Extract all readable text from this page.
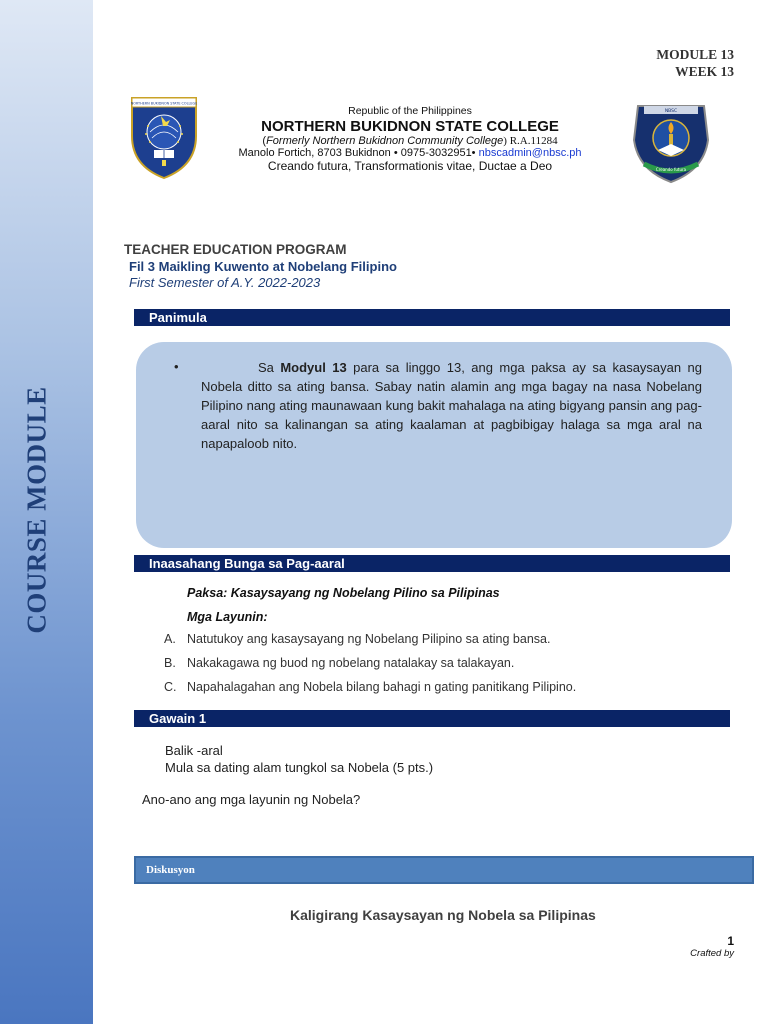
COURSE MODULE
MODULE 13
WEEK 13
NORTHERN BUKIDNON STATE COLLEGE
Republic of the Philippines
NORTHERN BUKIDNON STATE COLLEGE
(Formerly Northern Bukidnon Community College) R.A.11284
Manolo Fortich, 8703 Bukidnon • 0975-3032951• nbscadmin@nbsc.ph
Creando futura, Transformationis vitae, Ductae a Deo
NBSC
Creando futura
TEACHER EDUCATION PROGRAM
Fil 3 Maikling Kuwento at Nobelang Filipino
First Semester of A.Y. 2022-2023
Panimula
•	Sa Modyul 13 para sa linggo 13, ang mga paksa ay sa kasaysayan ng Nobela ditto sa ating bansa. Sabay natin alamin ang mga bagay na nasa Nobelang Pilipino nang ating maunawaan kung bakit mahalaga na ating bigyang pansin ang pag-aaral nito sa kalinangan sa ating kaalaman at pagbibigay halaga sa mga aral na napapaloob nito.
Inaasahang Bunga sa Pag-aaral
Paksa: Kasaysayang ng Nobelang Pilino sa Pilipinas
Mga Layunin:
A. Natutukoy ang kasaysayang ng Nobelang Pilipino sa ating bansa.
B. Nakakagawa ng buod ng nobelang natalakay sa talakayan.
C. Napahalagahan ang Nobela bilang bahagi n gating panitikang Pilipino.
Gawain 1
Balik -aral
Mula sa dating alam tungkol sa Nobela (5 pts.)
Ano-ano ang mga layunin ng Nobela?
Diskusyon
Kaligirang Kasaysayan ng Nobela sa Pilipinas
1
Crafted by
